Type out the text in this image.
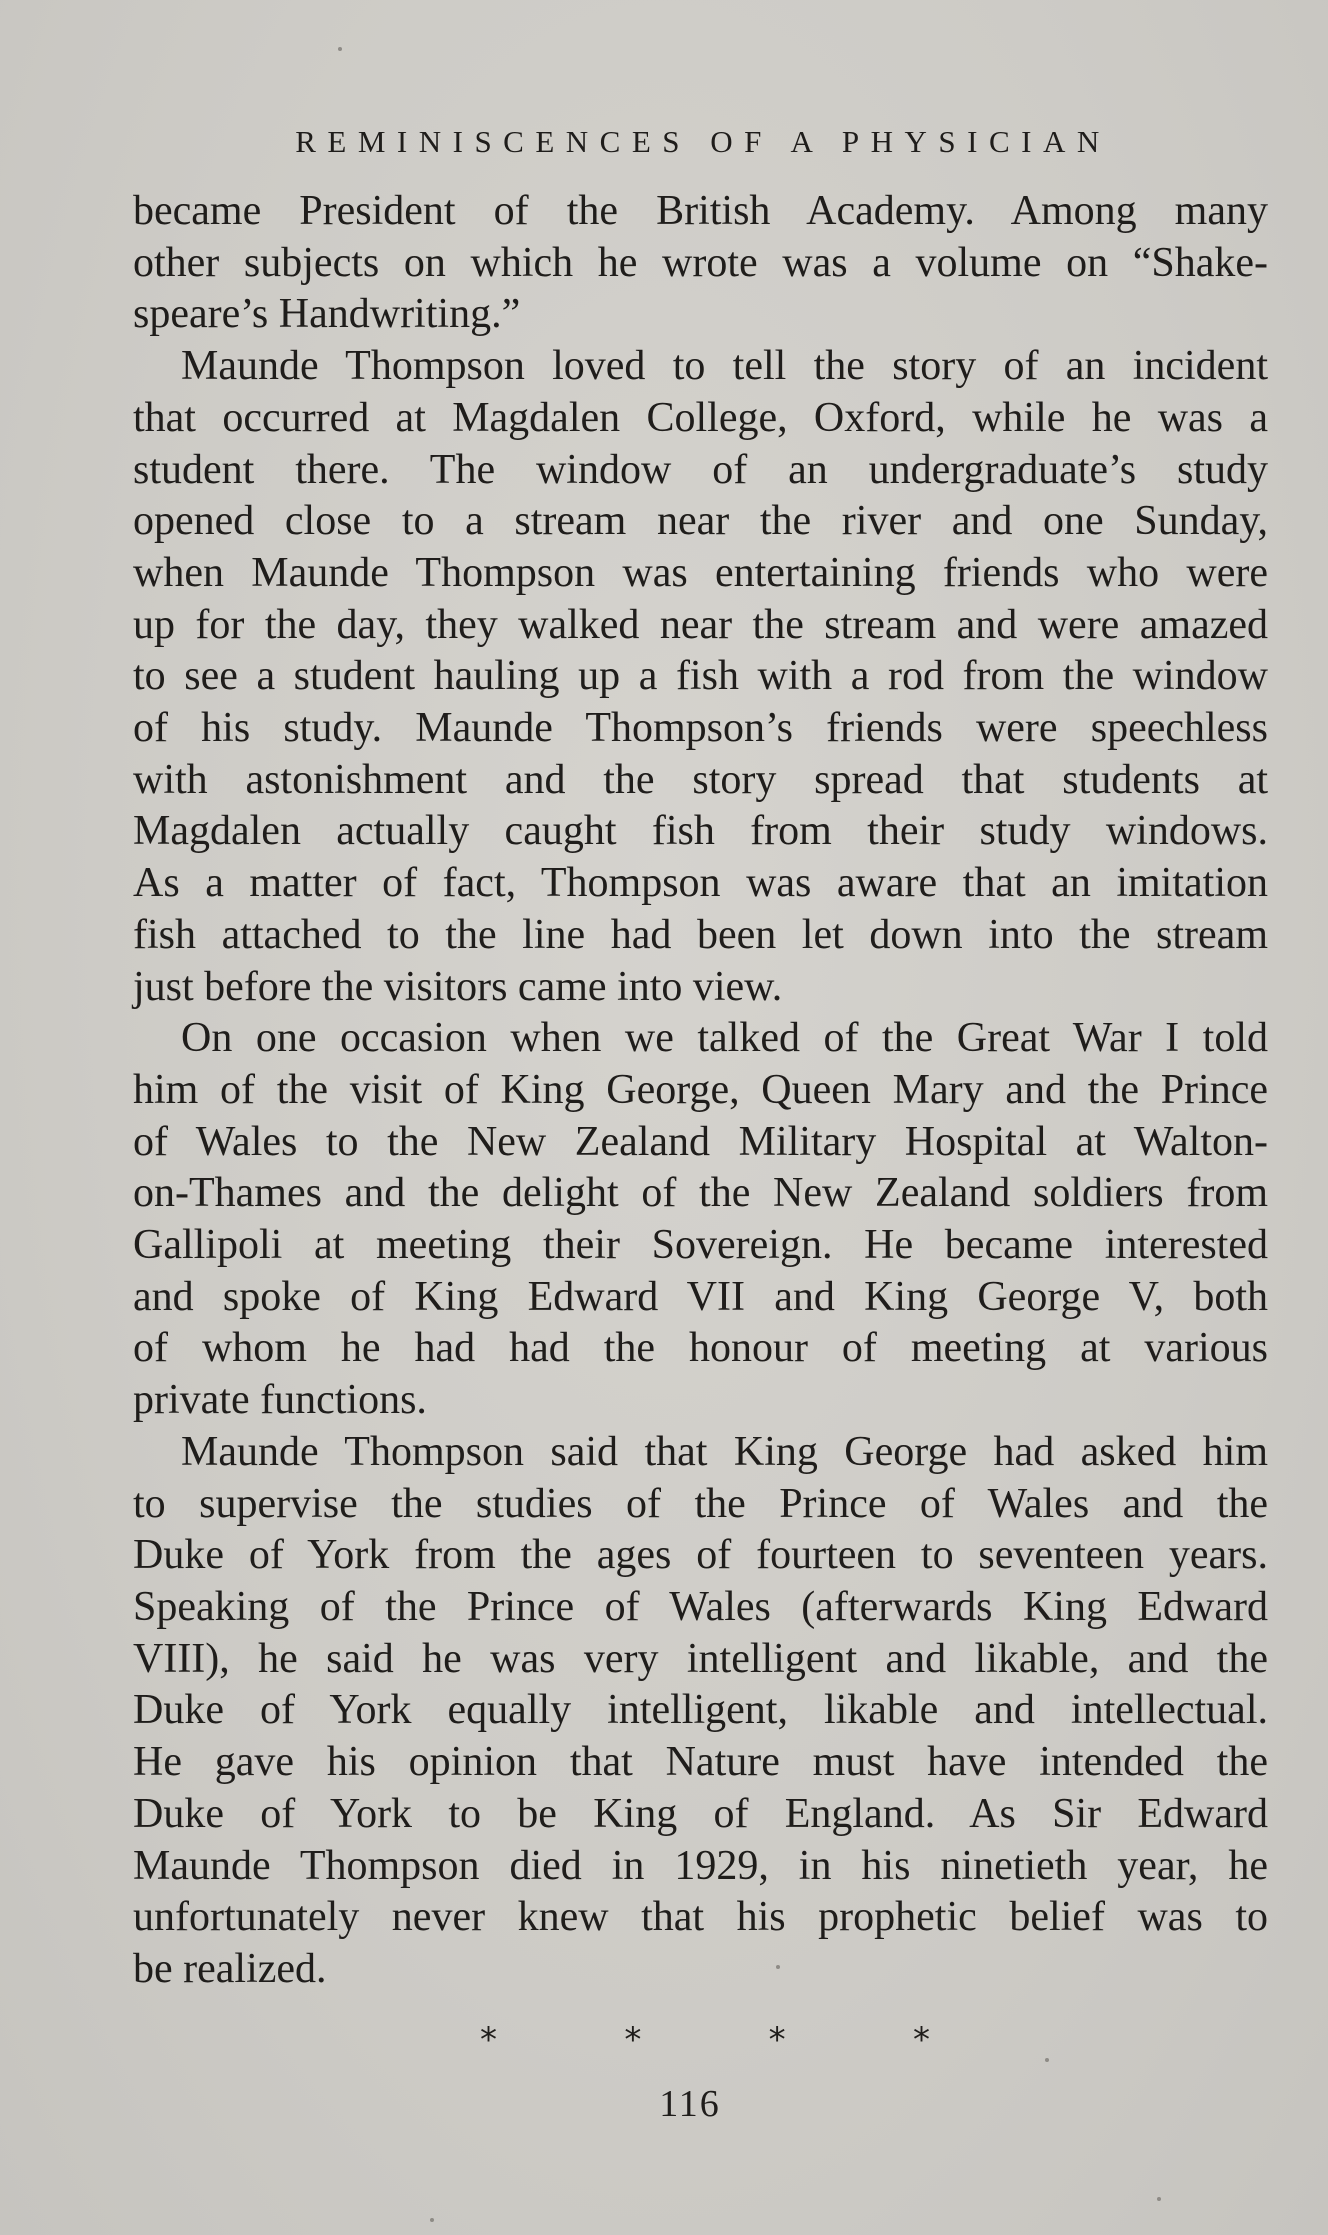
REMINISCENCES OF A PHYSICIAN

became President of the British Academy. Among many
other subjects on which he wrote was a volume on “Shake-
speare’s Handwriting.”

Maunde Thompson loved to tell the story of an incident
that occurred at Magdalen College, Oxford, while he was a
student there. The window of an undergraduate’s study
opened close to a stream near the river and one Sunday,
when Maunde Thompson was entertaining friends who were
up for the day, they walked near the stream and were amazed
to see a student hauling up a fish with a rod from the window
of his study. Maunde Thompson’s friends were speechless
with astonishment and the story spread that students at
Magdalen actually caught fish from their study windows.
As a matter of fact, Thompson was aware that an imitation
fish attached to the line had been let down into the stream
just before the visitors came into view.

On one occasion when we talked of the Great War I told
him of the visit of King George, Queen Mary and the Prince
of Wales to the New Zealand Military Hospital at Walton-
on-Thames and the delight of the New Zealand soldiers from
Gallipoli at meeting their Sovereign. He became interested
and spoke of King Edward VII and King George V, both
of whom he had had the honour of meeting at various
private functions.

Maunde Thompson said that King George had asked him
to supervise the studies of the Prince of Wales and the
Duke of York from the ages of fourteen to seventeen years.
Speaking of the Prince of Wales (afterwards King Edward
VIII), he said he was very intelligent and likable, and the
Duke of York equally intelligent, likable and intellectual.
He gave his opinion that Nature must have intended the
Duke of York to be King of England. As Sir Edward
Maunde Thompson died in 1929, in his ninetieth year, he
unfortunately never knew that his prophetic belief was to
be realized.

*	*	*	*
116
